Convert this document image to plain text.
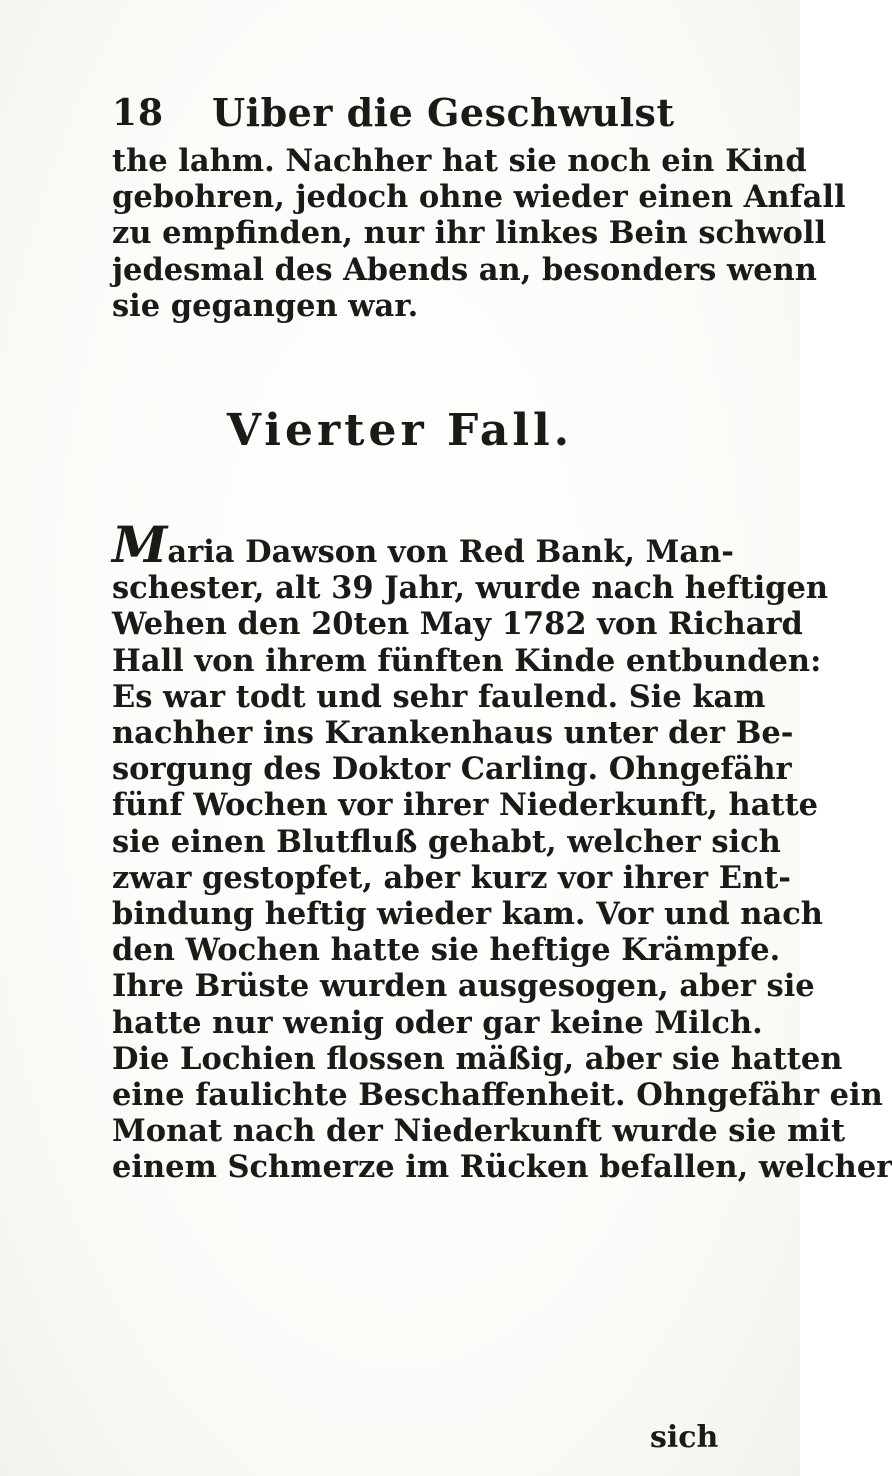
18 Uiber die Geschwulst
the lahm. Nachher hat sie noch ein Kind
gebohren, jedoch ohne wieder einen Anfall
zu empfinden, nur ihr linkes Bein schwoll
jedesmal des Abends an, besonders wenn
sie gegangen war.
Vierter Fall.
Maria Dawson von Red Bank, Man-
schester, alt 39 Jahr, wurde nach heftigen
Wehen den 20ten May 1782 von Richard
Hall von ihrem fünften Kinde entbunden:
Es war todt und sehr faulend. Sie kam
nachher ins Krankenhaus unter der Be-
sorgung des Doktor Carling. Ohngefähr
fünf Wochen vor ihrer Niederkunft, hatte
sie einen Blutfluß gehabt, welcher sich
zwar gestopfet, aber kurz vor ihrer Ent-
bindung heftig wieder kam. Vor und nach
den Wochen hatte sie heftige Krämpfe.
Ihre Brüste wurden ausgesogen, aber sie
hatte nur wenig oder gar keine Milch.
Die Lochien flossen mäßig, aber sie hatten
eine faulichte Beschaffenheit. Ohngefähr ein
Monat nach der Niederkunft wurde sie mit
einem Schmerze im Rücken befallen, welcher
sich
